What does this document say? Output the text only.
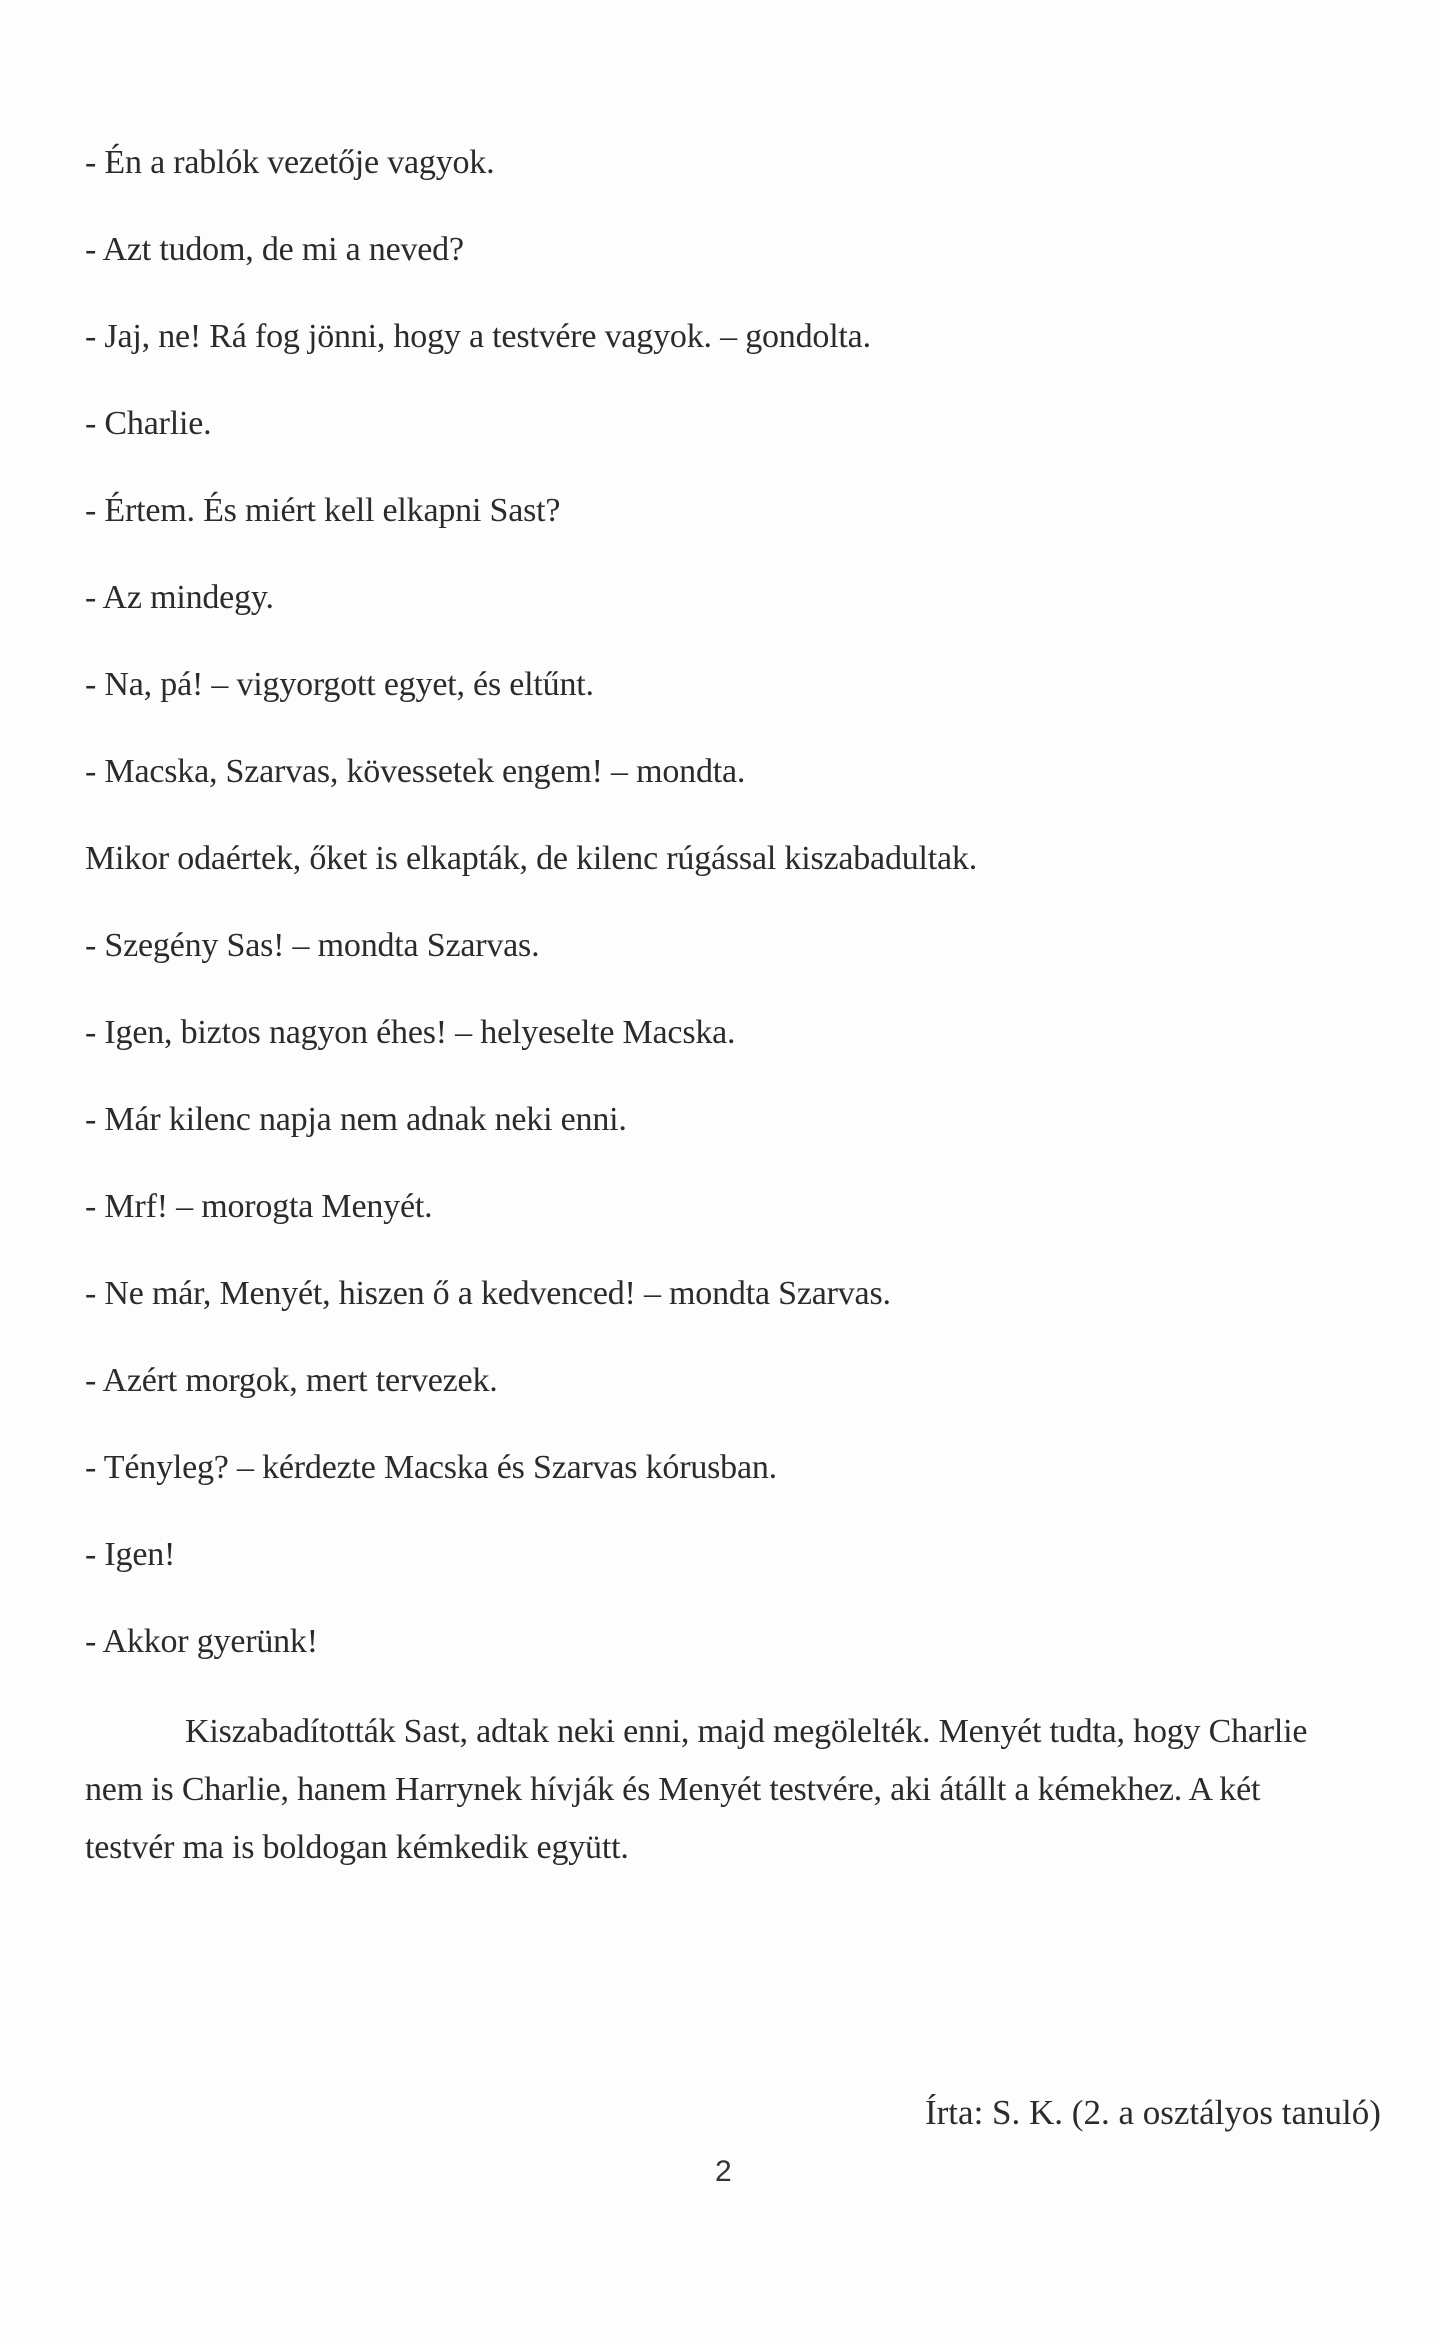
- Én a rablók vezetője vagyok.
- Azt tudom, de mi a neved?
- Jaj, ne! Rá fog jönni, hogy a testvére vagyok. – gondolta.
- Charlie.
- Értem. És miért kell elkapni Sast?
- Az mindegy.
- Na, pá! – vigyorgott egyet, és eltűnt.
- Macska, Szarvas, kövessetek engem! – mondta.
Mikor odaértek, őket is elkapták, de kilenc rúgással kiszabadultak.
- Szegény Sas! – mondta Szarvas.
- Igen, biztos nagyon éhes! – helyeselte Macska.
- Már kilenc napja nem adnak neki enni.
- Mrf! – morogta Menyét.
- Ne már, Menyét, hiszen ő a kedvenced! – mondta Szarvas.
- Azért morgok, mert tervezek.
- Tényleg? – kérdezte Macska és Szarvas kórusban.
- Igen!
- Akkor gyerünk!
Kiszabadították Sast, adtak neki enni, majd megölelték. Menyét tudta, hogy Charlie nem is Charlie, hanem Harrynek hívják és Menyét testvére, aki átállt a kémekhez. A két testvér ma is boldogan kémkedik együtt.
Írta: S. K. (2. a osztályos tanuló)
2
